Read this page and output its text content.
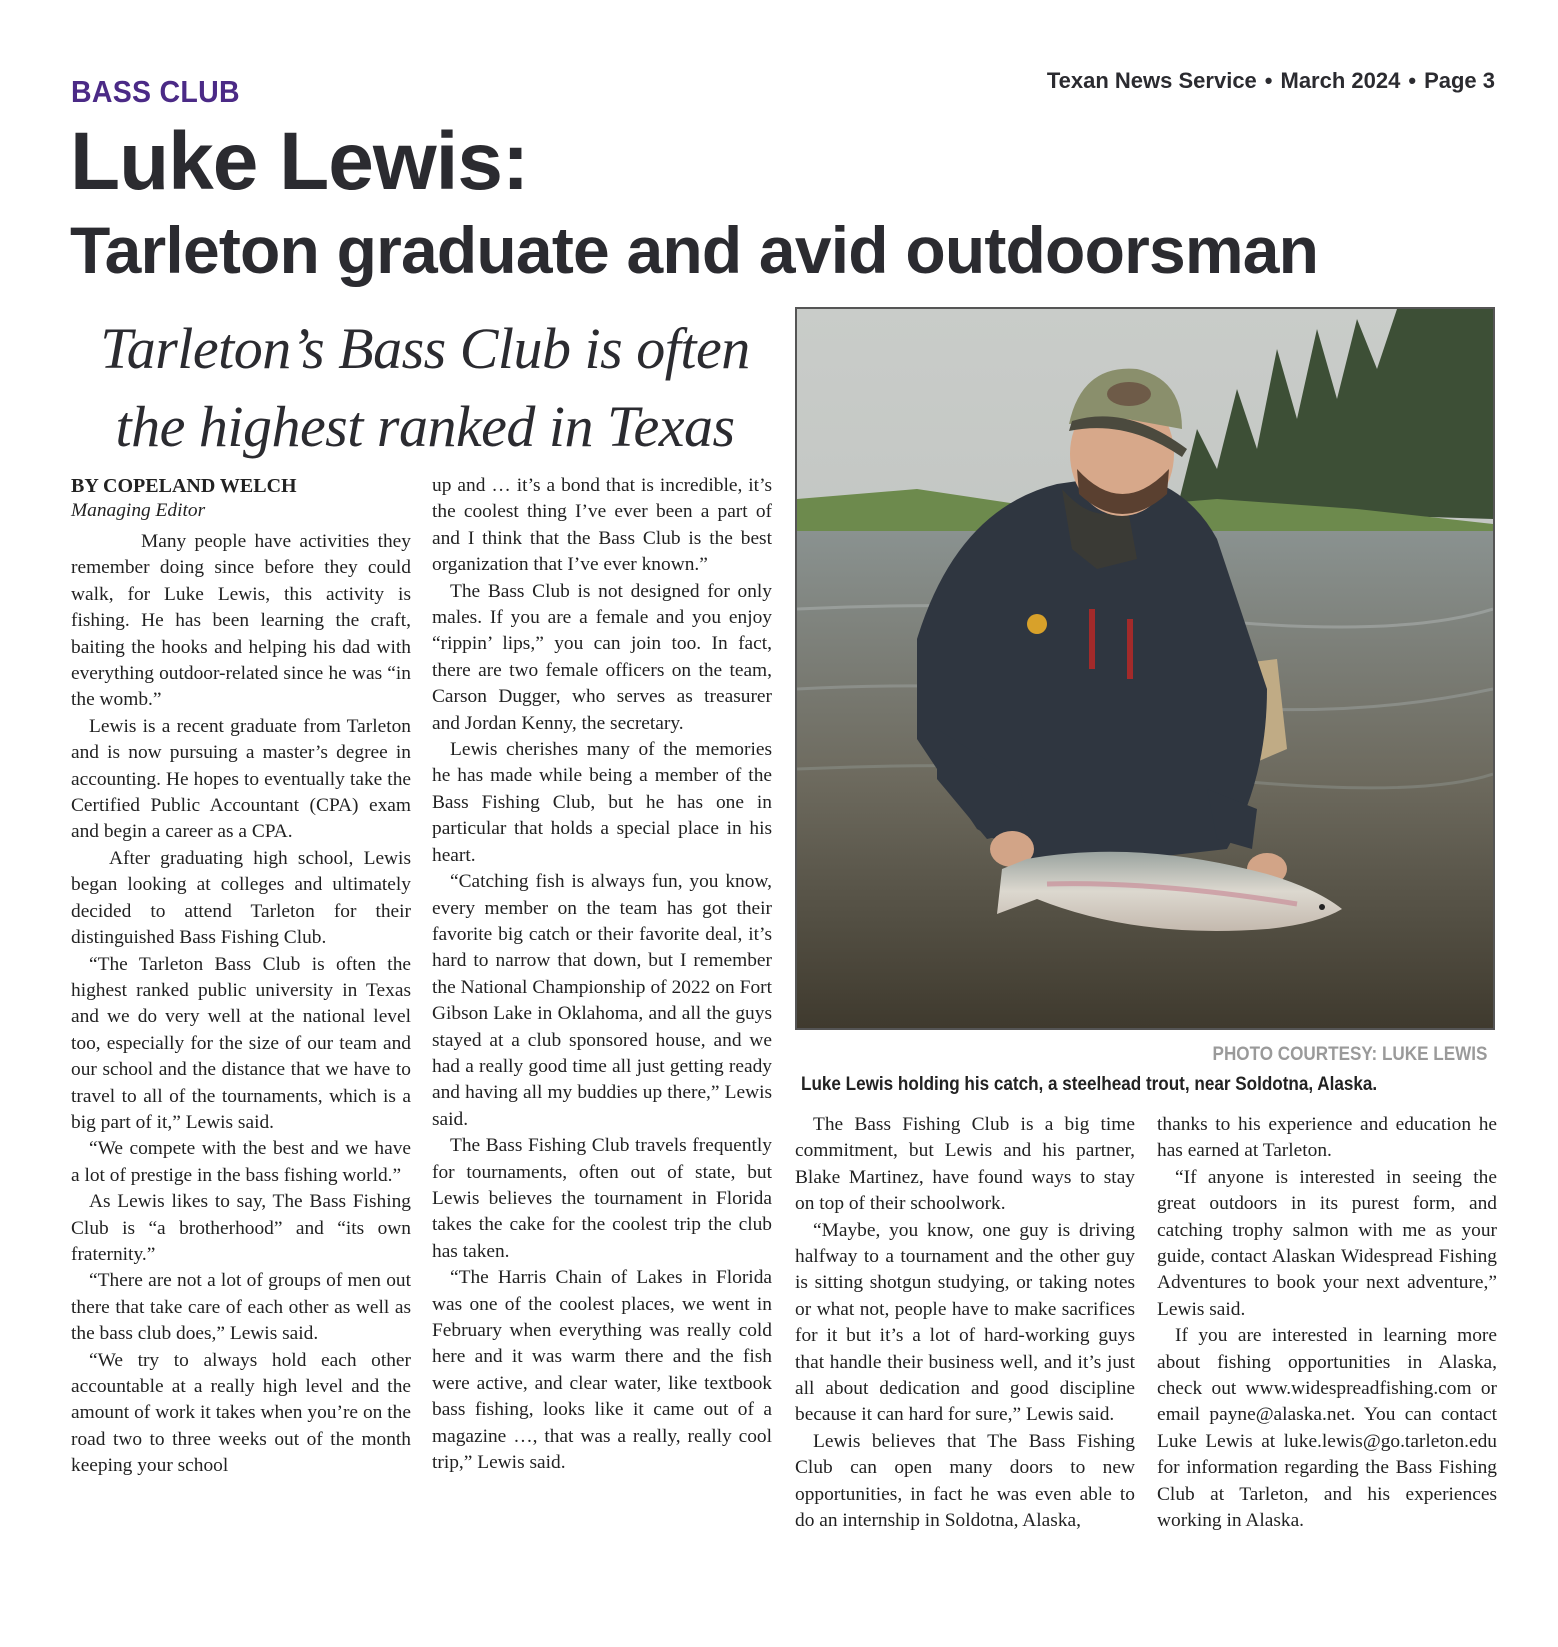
BASS CLUB	Texan News Service • March 2024 • Page 3
Luke Lewis:
Tarleton graduate and avid outdoorsman
Tarleton’s Bass Club is often the highest ranked in Texas
BY COPELAND WELCH
Managing Editor

Many people have activities they remember doing since before they could walk, for Luke Lewis, this activity is fishing. He has been learning the craft, baiting the hooks and helping his dad with everything outdoor-related since he was “in the womb.”

Lewis is a recent graduate from Tarleton and is now pursuing a master’s degree in accounting. He hopes to eventually take the Certified Public Accountant (CPA) exam and begin a career as a CPA.

After graduating high school, Lewis began looking at colleges and ultimately decided to attend Tarleton for their distinguished Bass Fishing Club.

“The Tarleton Bass Club is often the highest ranked public university in Texas and we do very well at the national level too, especially for the size of our team and our school and the distance that we have to travel to all of the tournaments, which is a big part of it,” Lewis said.

“We compete with the best and we have a lot of prestige in the bass fishing world.”

As Lewis likes to say, The Bass Fishing Club is “a brotherhood” and “its own fraternity.”

“There are not a lot of groups of men out there that take care of each other as well as the bass club does,” Lewis said.

“We try to always hold each other accountable at a really high level and the amount of work it takes when you’re on the road two to three weeks out of the month keeping your school

up and … it’s a bond that is incredible, it’s the coolest thing I’ve ever been a part of and I think that the Bass Club is the best organization that I’ve ever known.”

The Bass Club is not designed for only males. If you are a female and you enjoy “rippin’ lips,” you can join too. In fact, there are two female officers on the team, Carson Dugger, who serves as treasurer and Jordan Kenny, the secretary.

Lewis cherishes many of the memories he has made while being a member of the Bass Fishing Club, but he has one in particular that holds a special place in his heart.

“Catching fish is always fun, you know, every member on the team has got their favorite big catch or their favorite deal, it’s hard to narrow that down, but I remember the National Championship of 2022 on Fort Gibson Lake in Oklahoma, and all the guys stayed at a club sponsored house, and we had a really good time all just getting ready and having all my buddies up there,” Lewis said.

The Bass Fishing Club travels frequently for tournaments, often out of state, but Lewis believes the tournament in Florida takes the cake for the coolest trip the club has taken.

“The Harris Chain of Lakes in Florida was one of the coolest places, we went in February when everything was really cold here and it was warm there and the fish were active, and clear water, like textbook bass fishing, looks like it came out of a magazine …, that was a really, really cool trip,” Lewis said.

PHOTO COURTESY: LUKE LEWIS
Luke Lewis holding his catch, a steelhead trout, near Soldotna, Alaska.

The Bass Fishing Club is a big time commitment, but Lewis and his partner, Blake Martinez, have found ways to stay on top of their schoolwork.

“Maybe, you know, one guy is driving halfway to a tournament and the other guy is sitting shotgun studying, or taking notes or what not, people have to make sacrifices for it but it’s a lot of hard-working guys that handle their business well, and it’s just all about dedication and good discipline because it can hard for sure,” Lewis said.

Lewis believes that The Bass Fishing Club can open many doors to new opportunities, in fact he was even able to do an internship in Soldotna, Alaska,

thanks to his experience and education he has earned at Tarleton.

“If anyone is interested in seeing the great outdoors in its purest form, and catching trophy salmon with me as your guide, contact Alaskan Widespread Fishing Adventures to book your next adventure,” Lewis said.

If you are interested in learning more about fishing opportunities in Alaska, check out www.widespreadfishing.com or email payne@alaska.net. You can contact Luke Lewis at luke.lewis@go.tarleton.edu for information regarding the Bass Fishing Club at Tarleton, and his experiences working in Alaska.
